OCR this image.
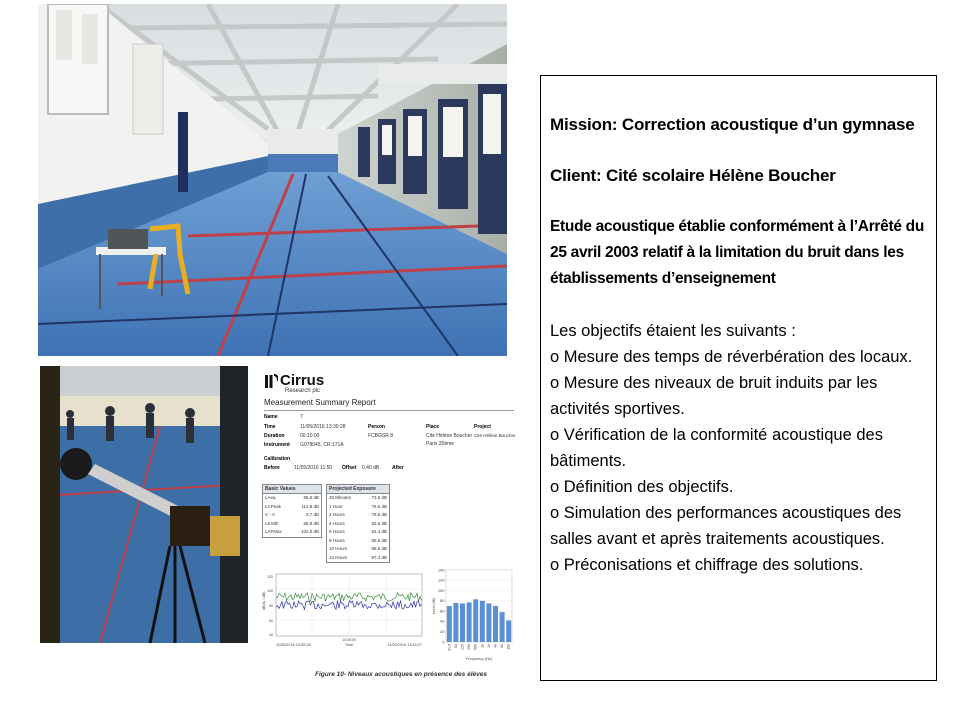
Cirrus
Research plc
Measurement Summary Report
Name	7
Time	11/05/2016 13:30:28
Duration	00:10:00
Instrument G078045, CR:171A
Person
FCBGSR 8
Place
Cité Hélène Boucher
Paris 20ème
Project
Cité Hélène Boucher
Calibration
Before	11/05/2016 11:50 Offset 0,40 dB	After
Basic Values
LAeq	85,6 dB
LCPeak	112,8 dB
C - A	0,7 dB
LEX8h	68,8 dB
LAFMax	102,5 dB
Projected Exposure
30 Minutes	73,6 dB
1 Hour	76,6 dB
2 Hours	79,6 dB
4 Hours	82,6 dB
6 Hours	84,4 dB
8 Hours	85,6 dB
10 Hours	86,6 dB
12 Hours	87,4 dB
120
100
80
60
40
dB(A) / (dB)
11/05/2016 13:30:28
13:35:00
Time	11/05/2016 13:40:27
140
120
100
80
60
40
20
0
31.5 63 125 250 500 1k 2k 4k 8k 16k
Level (dB)
Frequency (Hz)
Figure 10- Niveaux acoustiques en présence des élèves
Mission: Correction acoustique d’un gymnase
Client: Cité scolaire Hélène Boucher
Etude acoustique établie conformément à l’Arrêté du 25 avril 2003 relatif à la limitation du bruit dans les établissements d’enseignement
Les objectifs étaient les suivants :
o Mesure des temps de réverbération des locaux.
o Mesure des niveaux de bruit induits par les activités sportives.
o Vérification de la conformité acoustique des bâtiments.
o Définition des objectifs.
o Simulation des performances acoustiques des salles avant et après traitements acoustiques.
o Préconisations et chiffrage des solutions.
